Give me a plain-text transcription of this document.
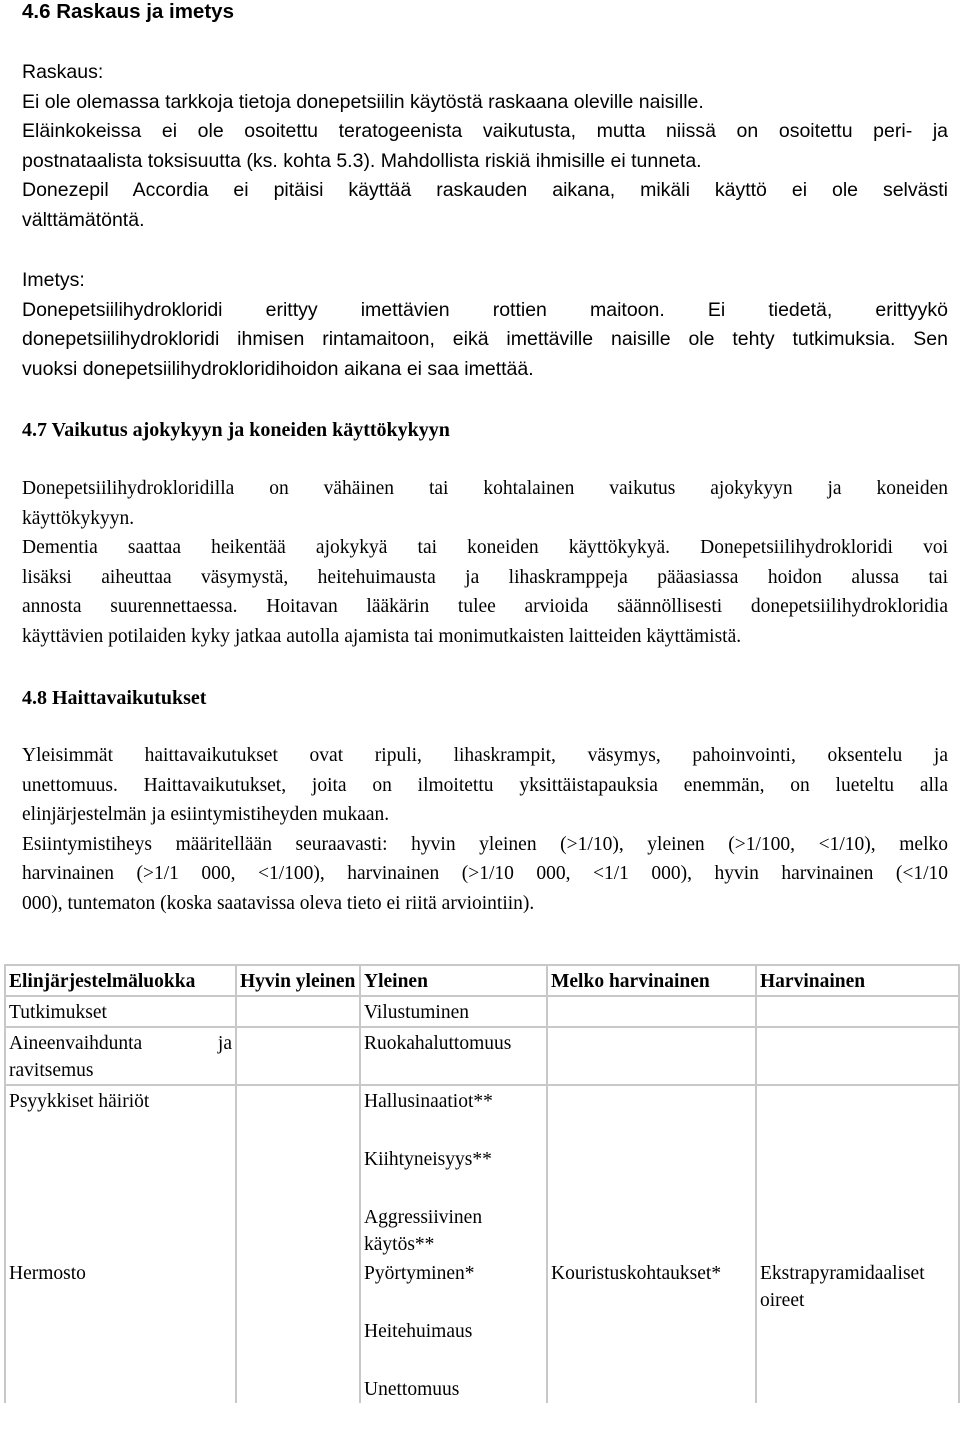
4.6 Raskaus ja imetys
Raskaus:
Ei ole olemassa tarkkoja tietoja donepetsiilin käytöstä raskaana oleville naisille.
Eläinkokeissa ei ole osoitettu teratogeenista vaikutusta, mutta niissä on osoitettu peri- ja
postnataalista toksisuutta (ks. kohta 5.3). Mahdollista riskiä ihmisille ei tunneta.
Donezepil Accordia ei pitäisi käyttää raskauden aikana, mikäli käyttö ei ole selvästi
välttämätöntä.
Imetys:
Donepetsiilihydrokloridi erittyy imettävien rottien maitoon. Ei tiedetä, erittyykö
donepetsiilihydrokloridi ihmisen rintamaitoon, eikä imettäville naisille ole tehty tutkimuksia. Sen
vuoksi donepetsiilihydrokloridihoidon aikana ei saa imettää.
4.7 Vaikutus ajokykyyn ja koneiden käyttökykyyn
Donepetsiilihydrokloridilla on vähäinen tai kohtalainen vaikutus ajokykyyn ja koneiden
käyttökykyyn.
Dementia saattaa heikentää ajokykyä tai koneiden käyttökykyä. Donepetsiilihydrokloridi voi
lisäksi aiheuttaa väsymystä, heitehuimausta ja lihaskramppeja pääasiassa hoidon alussa tai
annosta suurennettaessa. Hoitavan lääkärin tulee arvioida säännöllisesti donepetsiilihydrokloridia
käyttävien potilaiden kyky jatkaa autolla ajamista tai monimutkaisten laitteiden käyttämistä.
4.8 Haittavaikutukset
Yleisimmät haittavaikutukset ovat ripuli, lihaskrampit, väsymys, pahoinvointi, oksentelu ja
unettomuus. Haittavaikutukset, joita on ilmoitettu yksittäistapauksia enemmän, on lueteltu alla
elinjärjestelmän ja esiintymistiheyden mukaan.
Esiintymistiheys määritellään seuraavasti: hyvin yleinen (>1/10), yleinen (>1/100, <1/10), melko
harvinainen (>1/1 000, <1/100), harvinainen (>1/10 000, <1/1 000), hyvin harvinainen (<1/10
000), tuntematon (koska saatavissa oleva tieto ei riitä arviointiin).
Elinjärjestelmäluokka	Hyvin yleinen	Yleinen	Melko harvinainen	Harvinainen
Tutkimukset		Vilustuminen		
Aineenvaihdunta ja ravitsemus		Ruokahaluttomuus		
Psyykkiset häiriöt		Hallusinaatiot**
Kiihtyneisyys**
Aggressiivinen käytös**		

Hermosto		Pyörtyminen*
Heitehuimaus
Unettomuus	Kouristuskohtaukset*	Ekstrapyramidaaliset oireet
